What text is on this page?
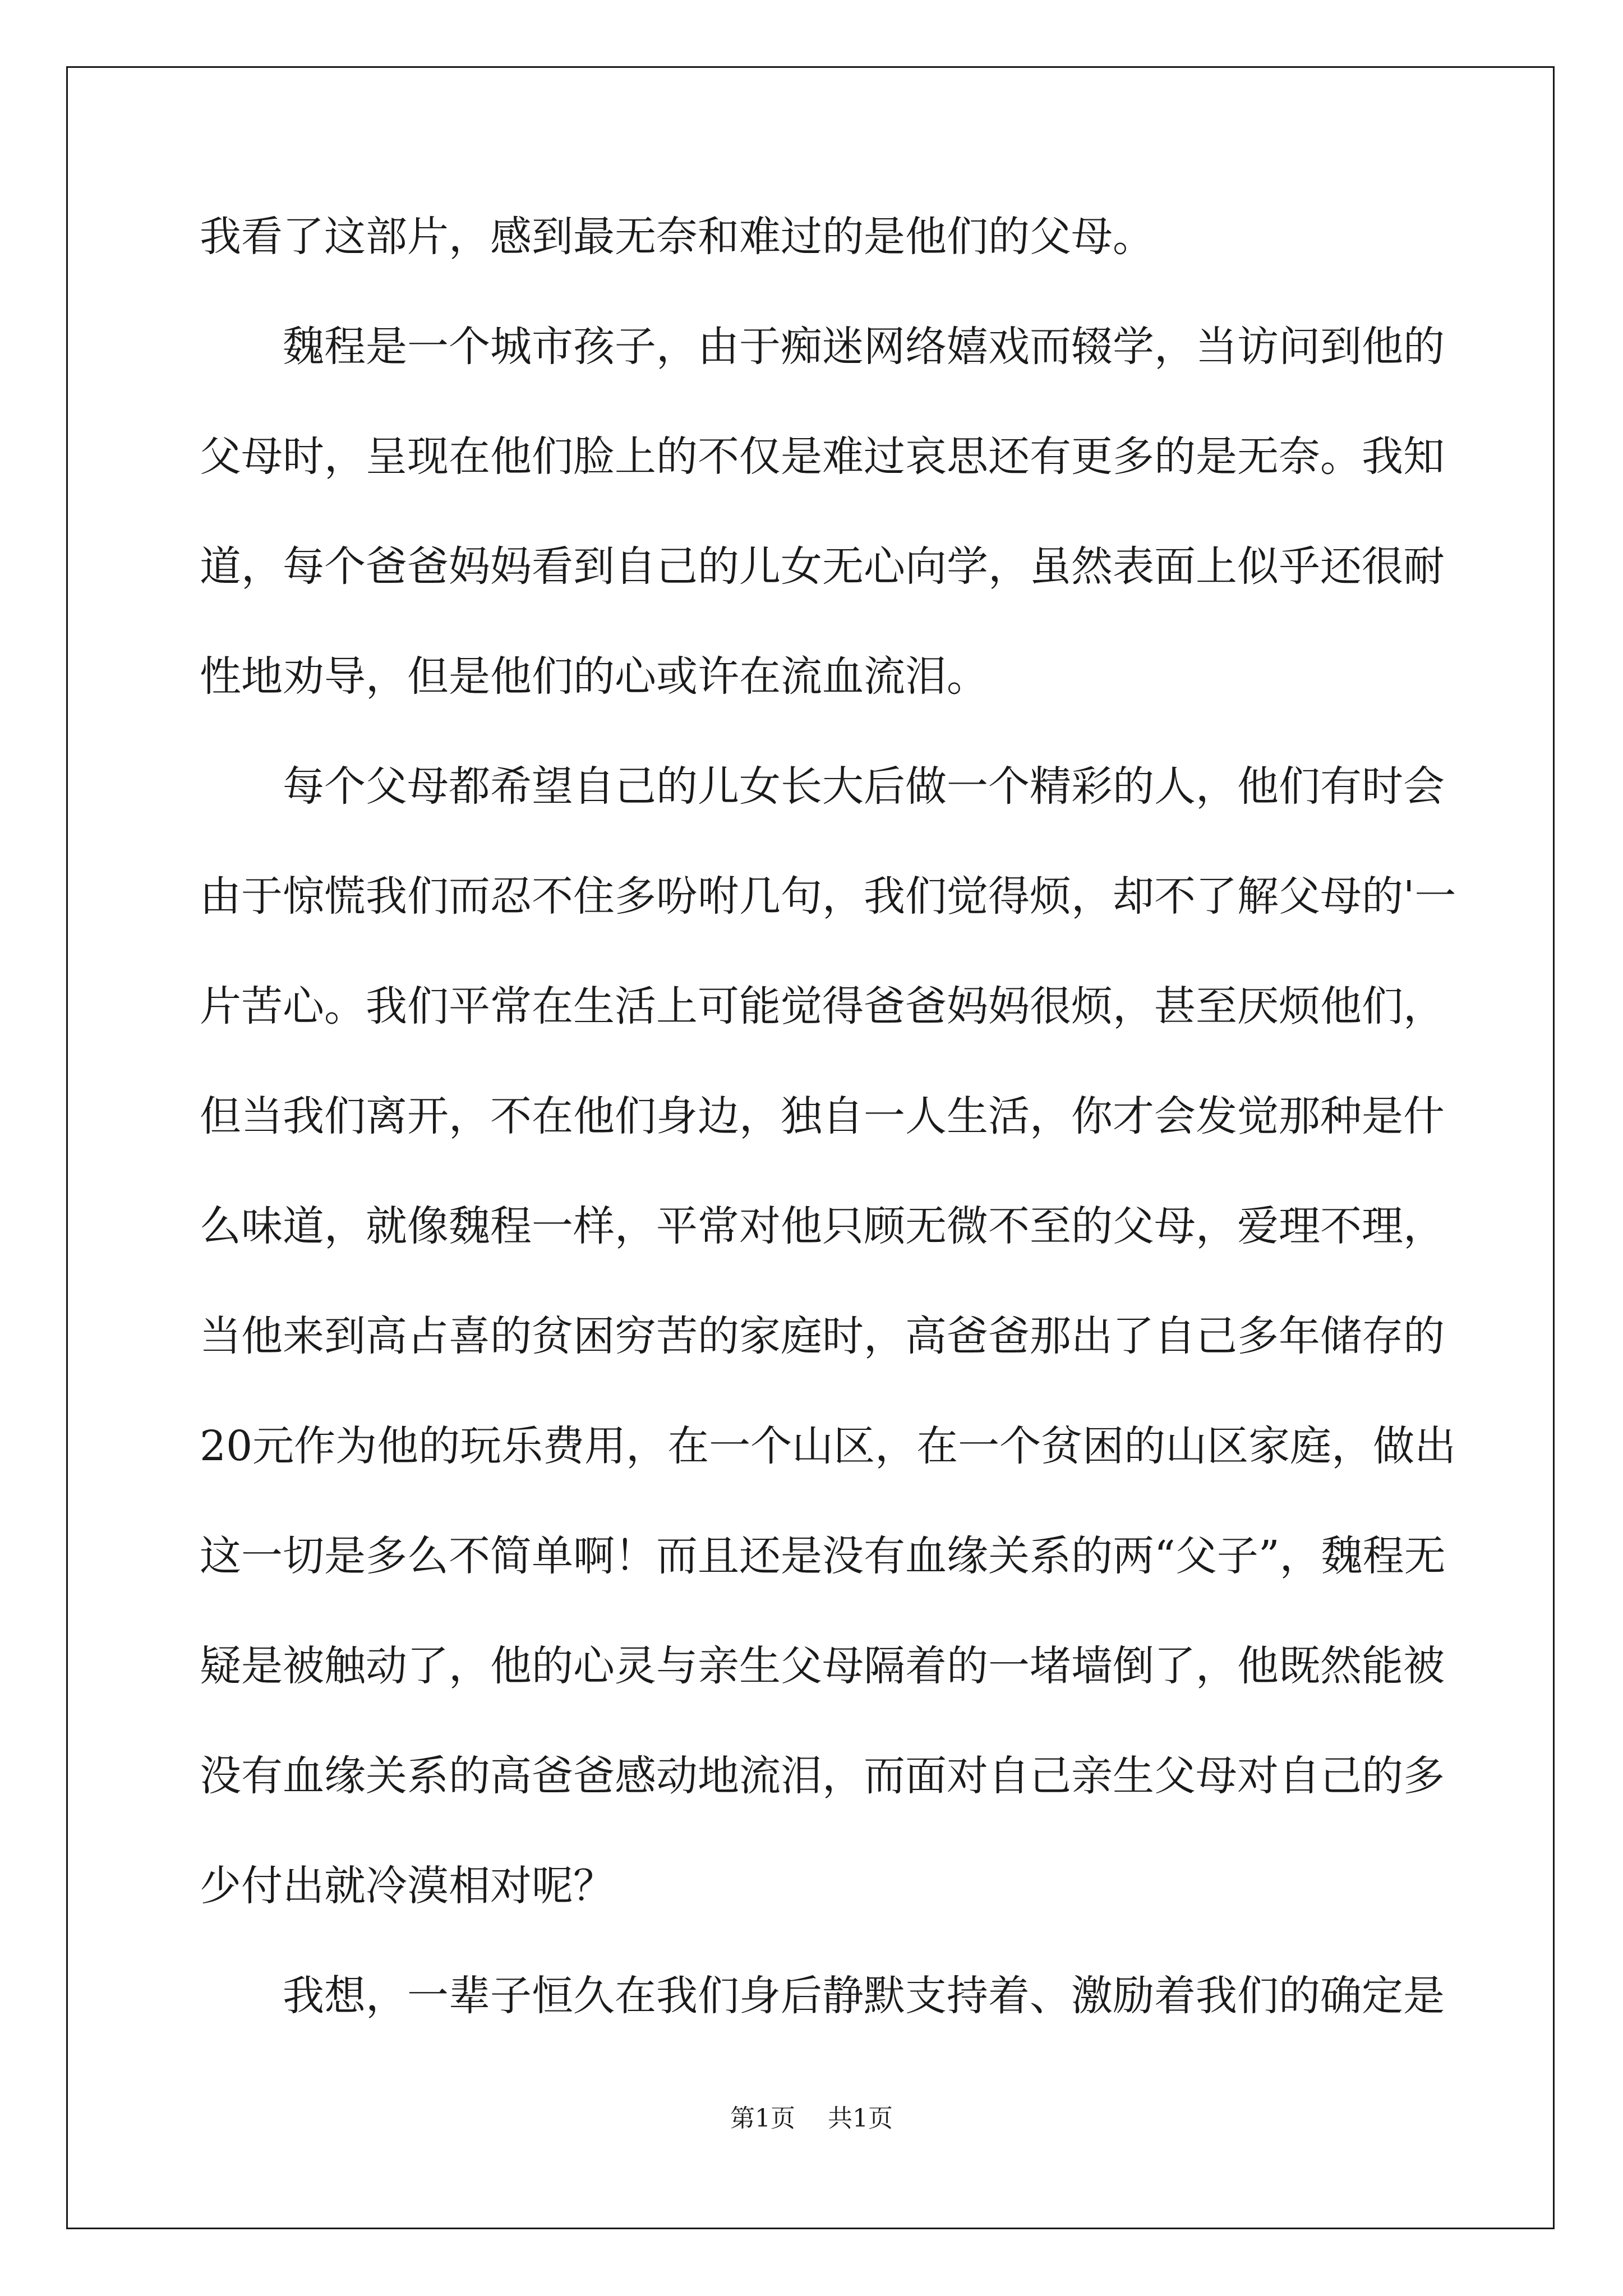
我看了这部片，感到最无奈和难过的是他们的父母。
魏程是一个城市孩子，由于痴迷网络嬉戏而辍学，当访问到他的
父母时，呈现在他们脸上的不仅是难过哀思还有更多的是无奈。我知
道，每个爸爸妈妈看到自己的儿女无心向学，虽然表面上似乎还很耐
性地劝导，但是他们的心或许在流血流泪。
每个父母都希望自己的儿女长大后做一个精彩的人，他们有时会
由于惊慌我们而忍不住多吩咐几句，我们觉得烦，却不了解父母的'一
片苦心。我们平常在生活上可能觉得爸爸妈妈很烦，甚至厌烦他们，
但当我们离开，不在他们身边，独自一人生活，你才会发觉那种是什
么味道，就像魏程一样，平常对他只顾无微不至的父母，爱理不理，
当他来到高占喜的贫困穷苦的家庭时，高爸爸那出了自己多年储存的
20元作为他的玩乐费用，在一个山区，在一个贫困的山区家庭，做出
这一切是多么不简单啊！而且还是没有血缘关系的两“父子”，魏程无
疑是被触动了，他的心灵与亲生父母隔着的一堵墙倒了，他既然能被
没有血缘关系的高爸爸感动地流泪，而面对自己亲生父母对自己的多
少付出就冷漠相对呢？
我想，一辈子恒久在我们身后静默支持着、激励着我们的确定是
第1页 共1页
